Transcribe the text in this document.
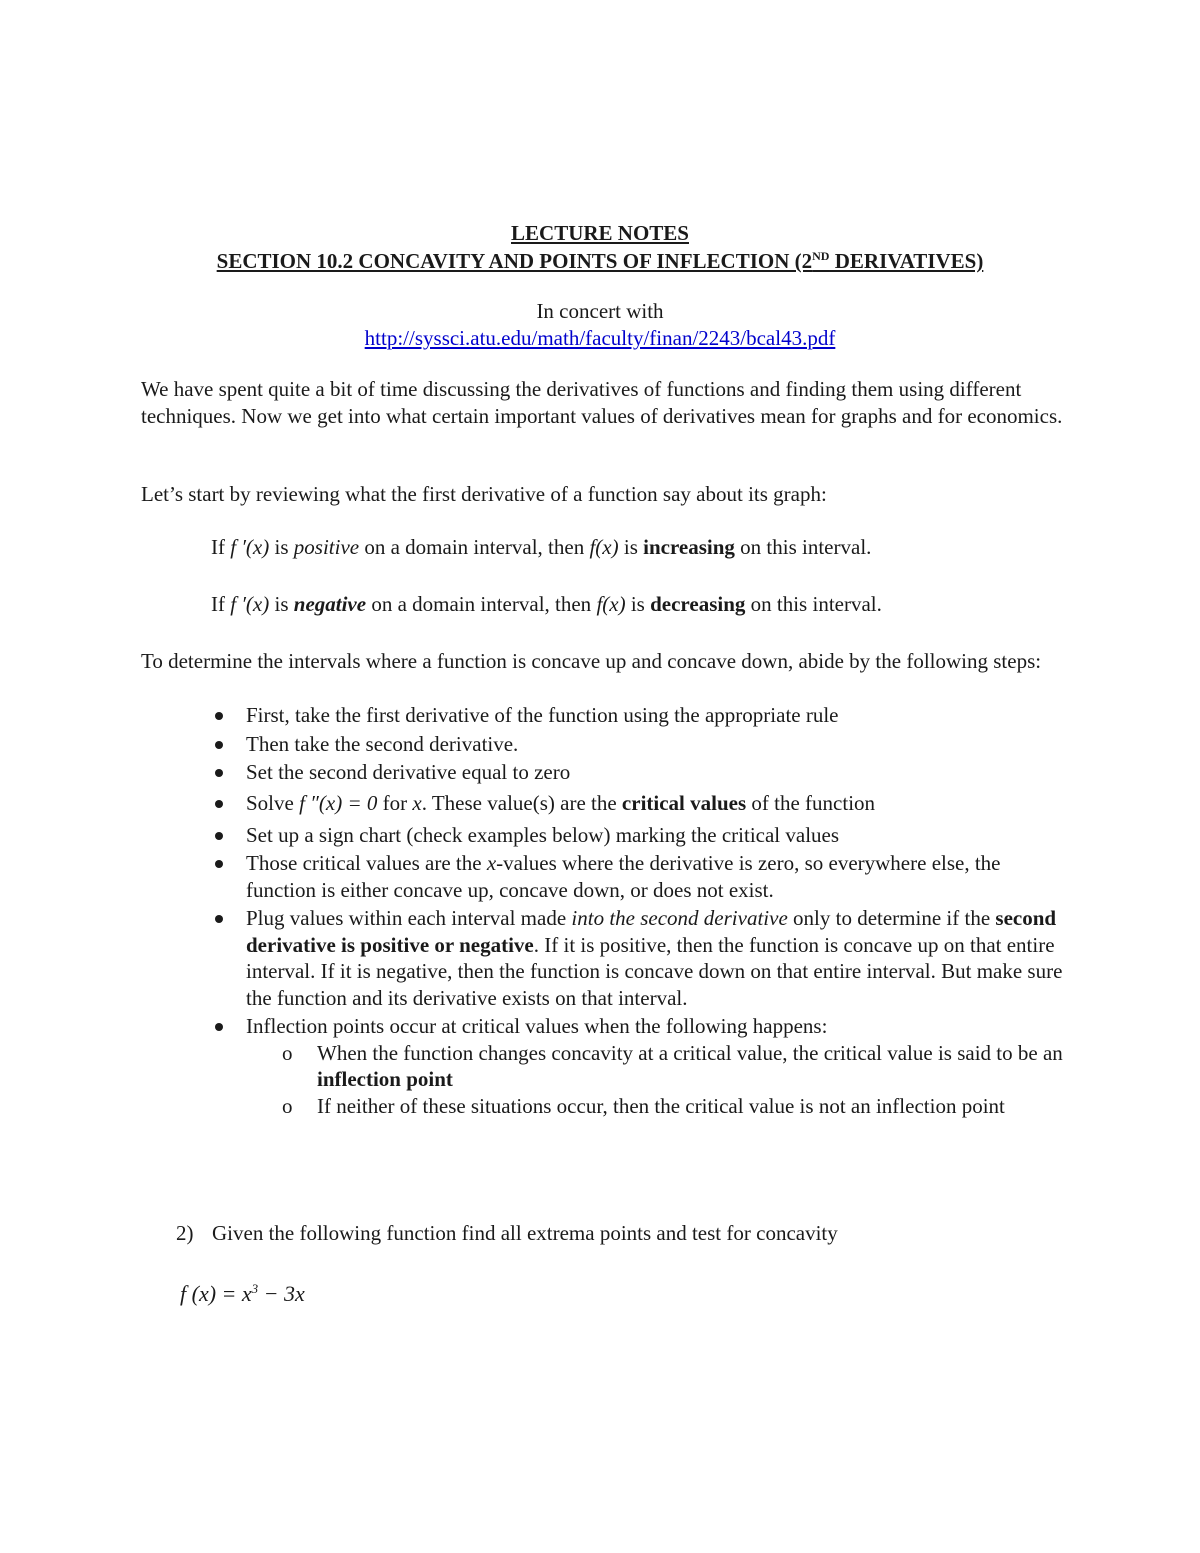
LECTURE NOTES
SECTION 10.2 CONCAVITY AND POINTS OF INFLECTION (2ND DERIVATIVES)
In concert with
http://syssci.atu.edu/math/faculty/finan/2243/bcal43.pdf

We have spent quite a bit of time discussing the derivatives of functions and finding them using different techniques. Now we get into what certain important values of derivatives mean for graphs and for economics.

Let’s start by reviewing what the first derivative of a function say about its graph:

If f ′(x) is positive on a domain interval, then f(x) is increasing on this interval.
If f ′(x) is negative on a domain interval, then f(x) is decreasing on this interval.

To determine the intervals where a function is concave up and concave down, abide by the following steps:

First, take the first derivative of the function using the appropriate rule
Then take the second derivative.
Set the second derivative equal to zero
Solve f ″(x) = 0 for x. These value(s) are the critical values of the function
Set up a sign chart (check examples below) marking the critical values
Those critical values are the x-values where the derivative is zero, so everywhere else, the function is either concave up, concave down, or does not exist.
Plug values within each interval made into the second derivative only to determine if the second derivative is positive or negative. If it is positive, then the function is concave up on that entire interval. If it is negative, then the function is concave down on that entire interval. But make sure the function and its derivative exists on that interval.
Inflection points occur at critical values when the following happens:
o When the function changes concavity at a critical value, the critical value is said to be an inflection point
o If neither of these situations occur, then the critical value is not an inflection point
2) Given the following function find all extrema points and test for concavity
f $(x) = x^3 - 3x$
